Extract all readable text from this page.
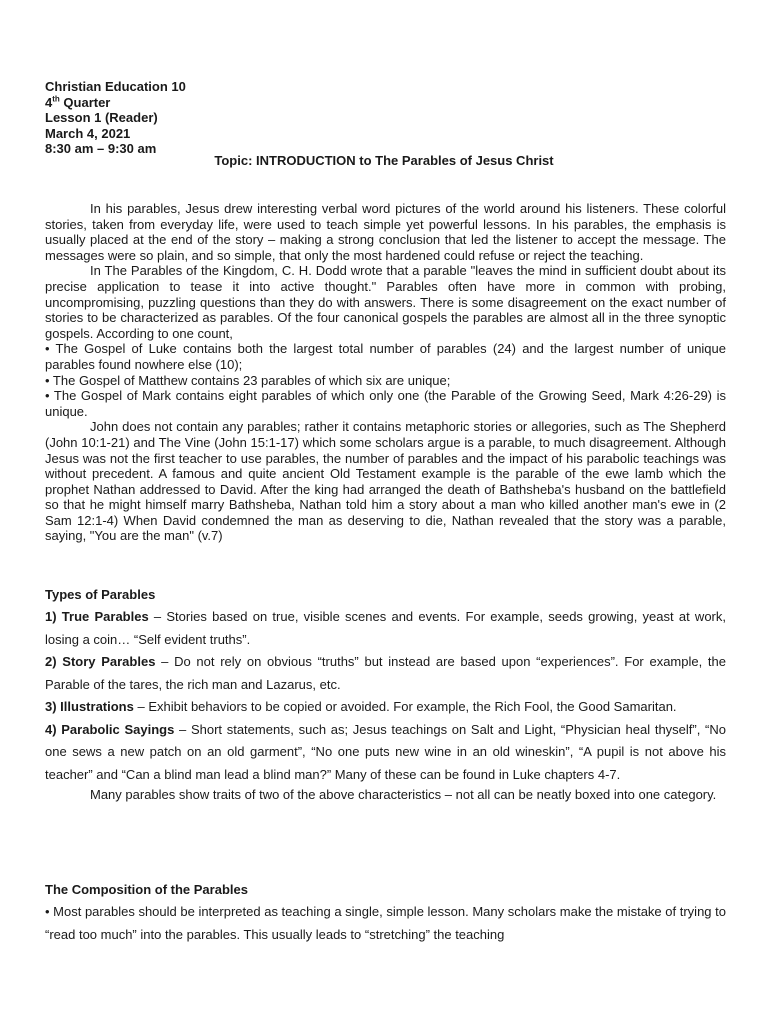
Christian Education 10
4th Quarter
Lesson 1 (Reader)
March 4, 2021
8:30 am – 9:30 am
Topic: INTRODUCTION to The Parables of Jesus Christ

In his parables, Jesus drew interesting verbal word pictures of the world around his listeners. These colorful stories, taken from everyday life, were used to teach simple yet powerful lessons. In his parables, the emphasis is usually placed at the end of the story – making a strong conclusion that led the listener to accept the message. The messages were so plain, and so simple, that only the most hardened could refuse or reject the teaching.

In The Parables of the Kingdom, C. H. Dodd wrote that a parable "leaves the mind in sufficient doubt about its precise application to tease it into active thought." Parables often have more in common with probing, uncompromising, puzzling questions than they do with answers. There is some disagreement on the exact number of stories to be characterized as parables. Of the four canonical gospels the parables are almost all in the three synoptic gospels. According to one count,

• The Gospel of Luke contains both the largest total number of parables (24) and the largest number of unique parables found nowhere else (10);

• The Gospel of Matthew contains 23 parables of which six are unique;

• The Gospel of Mark contains eight parables of which only one (the Parable of the Growing Seed, Mark 4:26-29) is unique.

John does not contain any parables; rather it contains metaphoric stories or allegories, such as The Shepherd (John 10:1-21) and The Vine (John 15:1-17) which some scholars argue is a parable, to much disagreement. Although Jesus was not the first teacher to use parables, the number of parables and the impact of his parabolic teachings was without precedent. A famous and quite ancient Old Testament example is the parable of the ewe lamb which the prophet Nathan addressed to David. After the king had arranged the death of Bathsheba's husband on the battlefield so that he might himself marry Bathsheba, Nathan told him a story about a man who killed another man's ewe in (2 Sam 12:1-4) When David condemned the man as deserving to die, Nathan revealed that the story was a parable, saying, "You are the man" (v.7)

Types of Parables

1) True Parables – Stories based on true, visible scenes and events. For example, seeds growing, yeast at work, losing a coin… “Self evident truths”.

2) Story Parables – Do not rely on obvious “truths” but instead are based upon “experiences”. For example, the Parable of the tares, the rich man and Lazarus, etc.

3) Illustrations – Exhibit behaviors to be copied or avoided. For example, the Rich Fool, the Good Samaritan.

4) Parabolic Sayings – Short statements, such as; Jesus teachings on Salt and Light, “Physician heal thyself”, “No one sews a new patch on an old garment”, “No one puts new wine in an old wineskin”, “A pupil is not above his teacher” and “Can a blind man lead a blind man?” Many of these can be found in Luke chapters 4-7.

Many parables show traits of two of the above characteristics – not all can be neatly boxed into one category.

The Composition of the Parables

• Most parables should be interpreted as teaching a single, simple lesson. Many scholars make the mistake of trying to “read too much” into the parables. This usually leads to “stretching” the teaching
